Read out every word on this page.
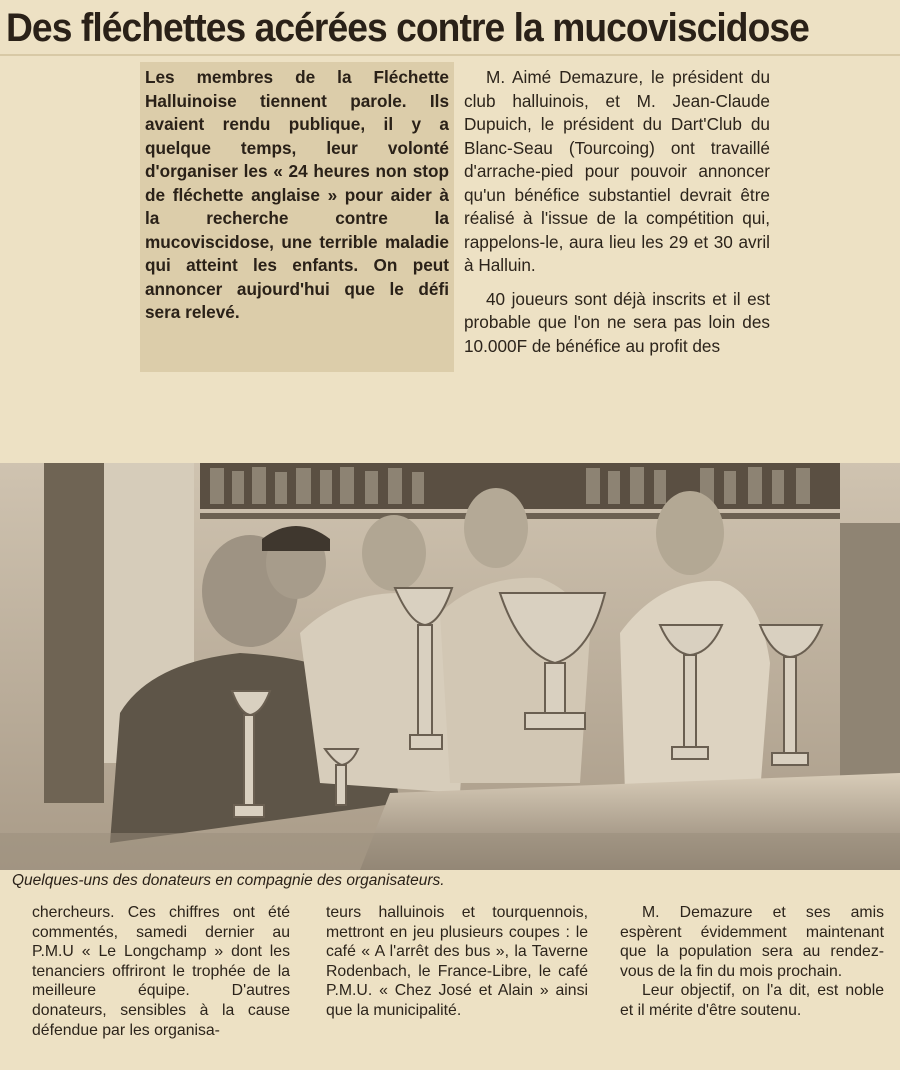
Des fléchettes acérées contre la mucoviscidose
Les membres de la Fléchette Halluinoise tiennent parole. Ils avaient rendu publique, il y a quelque temps, leur volonté d'organiser les « 24 heures non stop de fléchette anglaise » pour aider à la recherche contre la mucoviscidose, une terrible maladie qui atteint les enfants. On peut annoncer aujourd'hui que le défi sera relevé.

M. Aimé Demazure, le président du club halluinois, et M. Jean-Claude Dupuich, le président du Dart'Club du Blanc-Seau (Tourcoing) ont travaillé d'arrache-pied pour pouvoir annoncer qu'un bénéfice substantiel devrait être réalisé à l'issue de la compétition qui, rappelons-le, aura lieu les 29 et 30 avril à Halluin.

40 joueurs sont déjà inscrits et il est probable que l'on ne sera pas loin des 10.000F de bénéfice au profit des

Quelques-uns des donateurs en compagnie des organisateurs.

chercheurs. Ces chiffres ont été commentés, samedi dernier au P.M.U « Le Longchamp » dont les tenanciers offriront le trophée de la meilleure équipe. D'autres donateurs, sensibles à la cause défendue par les organisa-

teurs halluinois et tourquennois, mettront en jeu plusieurs coupes : le café « A l'arrêt des bus », la Taverne Rodenbach, le France-Libre, le café P.M.U. « Chez José et Alain » ainsi que la municipalité.

M. Demazure et ses amis espèrent évidemment maintenant que la population sera au rendez-vous de la fin du mois prochain.

Leur objectif, on l'a dit, est noble et il mérite d'être soutenu.
